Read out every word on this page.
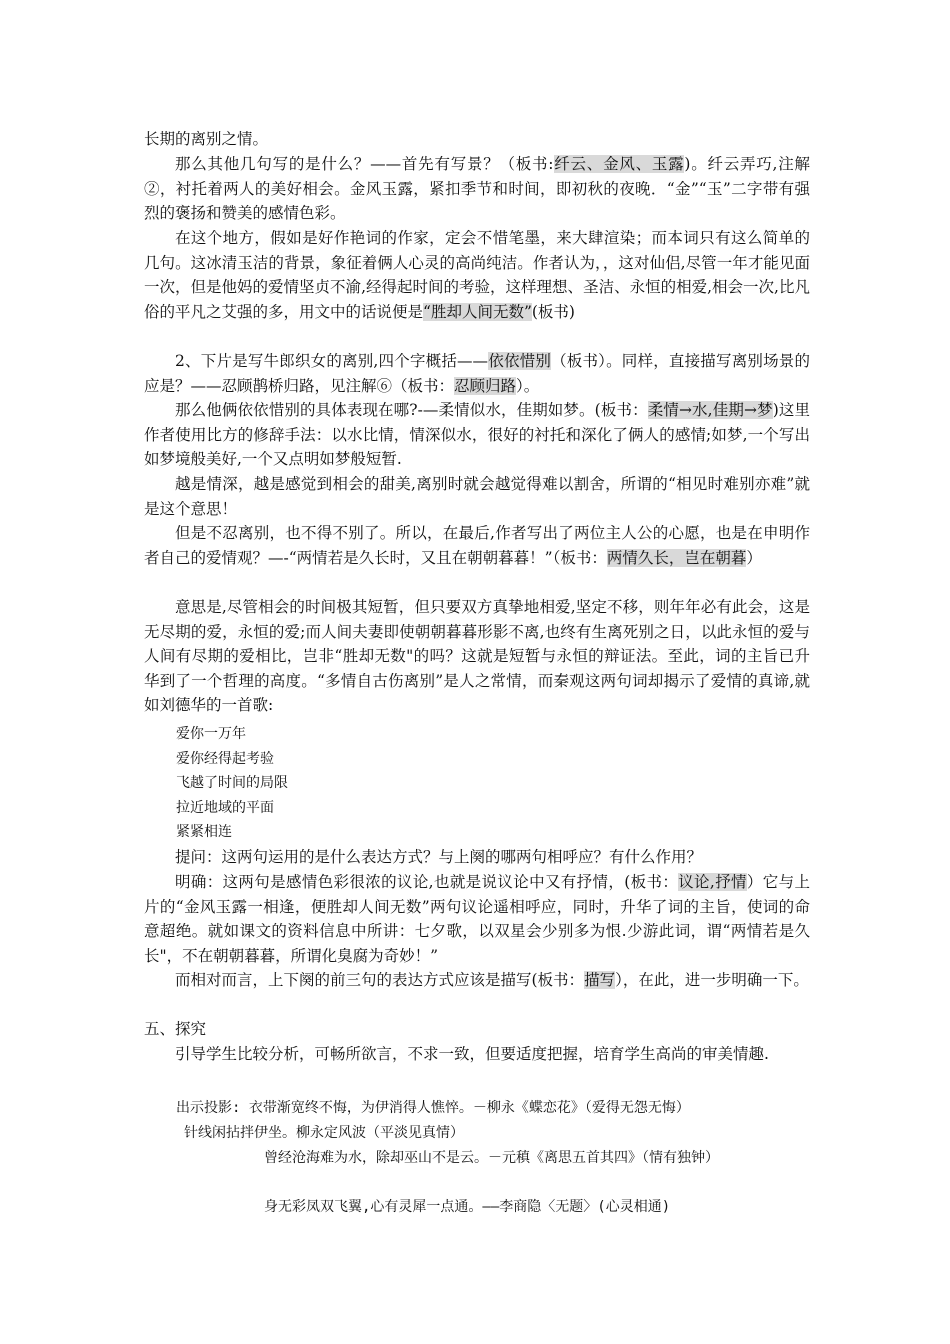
长期的离别之情。

那么其他几句写的是什么？——首先有写景？（板书:纤云、金风、玉露)。纤云弄巧,注解②，衬托着两人的美好相会。金风玉露，紧扣季节和时间，即初秋的夜晚．“金”“玉”二字带有强烈的褒扬和赞美的感情色彩。

在这个地方，假如是好作艳词的作家，定会不惜笔墨，来大肆渲染；而本词只有这么简单的几句。这冰清玉洁的背景，象征着俩人心灵的高尚纯洁。作者认为，，这对仙侣,尽管一年才能见面一次，但是他妈的爱情坚贞不渝,经得起时间的考验，这样理想、圣洁、永恒的相爱,相会一次,比凡俗的平凡之艾强的多，用文中的话说便是“胜却人间无数”(板书)

2、下片是写牛郎织女的离别,四个字概括——依依惜别（板书）。同样，直接描写离别场景的应是？——忍顾鹊桥归路，见注解⑥（板书：忍顾归路）。

那么他俩依依惜别的具体表现在哪?-—柔情似水，佳期如梦。(板书：柔情→水,佳期→梦)这里作者使用比方的修辞手法：以水比情，情深似水，很好的衬托和深化了俩人的感情;如梦,一个写出如梦境般美好,一个又点明如梦般短暂.

越是情深，越是感觉到相会的甜美,离别时就会越觉得难以割舍，所谓的“相见时难别亦难”就是这个意思！

但是不忍离别，也不得不别了。所以，在最后,作者写出了两位主人公的心愿，也是在申明作者自己的爱情观？—-“两情若是久长时，又且在朝朝暮暮！”（板书：两情久长，岂在朝暮）

意思是,尽管相会的时间极其短暂，但只要双方真挚地相爱,坚定不移，则年年必有此会，这是无尽期的爱，永恒的爱;而人间夫妻即使朝朝暮暮形影不离,也终有生离死别之日，以此永恒的爱与人间有尽期的爱相比，岂非“胜却无数"的吗？这就是短暂与永恒的辩证法。至此，词的主旨已升华到了一个哲理的高度。“多情自古伤离别”是人之常情，而秦观这两句词却揭示了爱情的真谛,就如刘德华的一首歌:

爱你一万年
爱你经得起考验
飞越了时间的局限
拉近地域的平面
紧紧相连

提问：这两句运用的是什么表达方式？与上阕的哪两句相呼应？有什么作用？

明确：这两句是感情色彩很浓的议论,也就是说议论中又有抒情，(板书：议论,抒情）它与上片的“金风玉露一相逢，便胜却人间无数”两句议论遥相呼应，同时，升华了词的主旨，使词的命意超绝。就如课文的资料信息中所讲：七夕歌，以双星会少别多为恨.少游此词，谓“两情若是久长"，不在朝朝暮暮，所谓化臭腐为奇妙！”

而相对而言，上下阕的前三句的表达方式应该是描写(板书：描写），在此，进一步明确一下。

五、探究

引导学生比较分析，可畅所欲言，不求一致，但要适度把握，培育学生高尚的审美情趣.

出示投影: 衣带渐宽终不悔，为伊消得人憔悴。－柳永《蝶恋花》（爱得无怨无悔）

针线闲拈拌伊坐。柳永定风波（平淡见真情）

曾经沧海难为水，除却巫山不是云。－元稹《离思五首其四》（情有独钟）

身无彩凤双飞翼,心有灵犀一点通。——李商隐〈无题〉(心灵相通)
